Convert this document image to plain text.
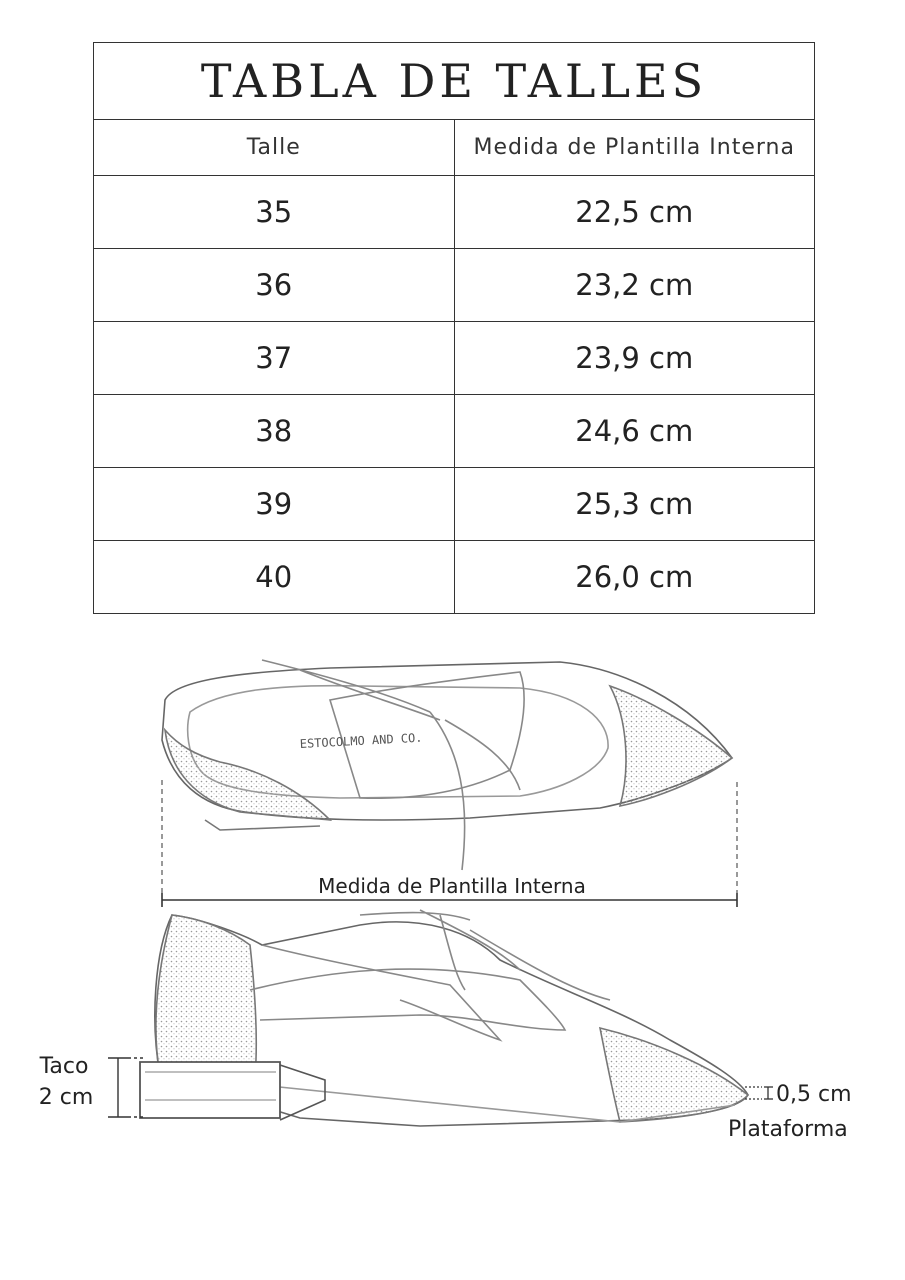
TABLA DE TALLES	
Talle	Medida de Plantilla Interna
35	22,5 cm
36	23,2 cm
37	23,9 cm
38	24,6 cm
39	25,3 cm
40	26,0 cm
ESTOCOLMO AND CO.
Medida de Plantilla Interna
Taco
2 cm	0,5 cm
Plataforma
